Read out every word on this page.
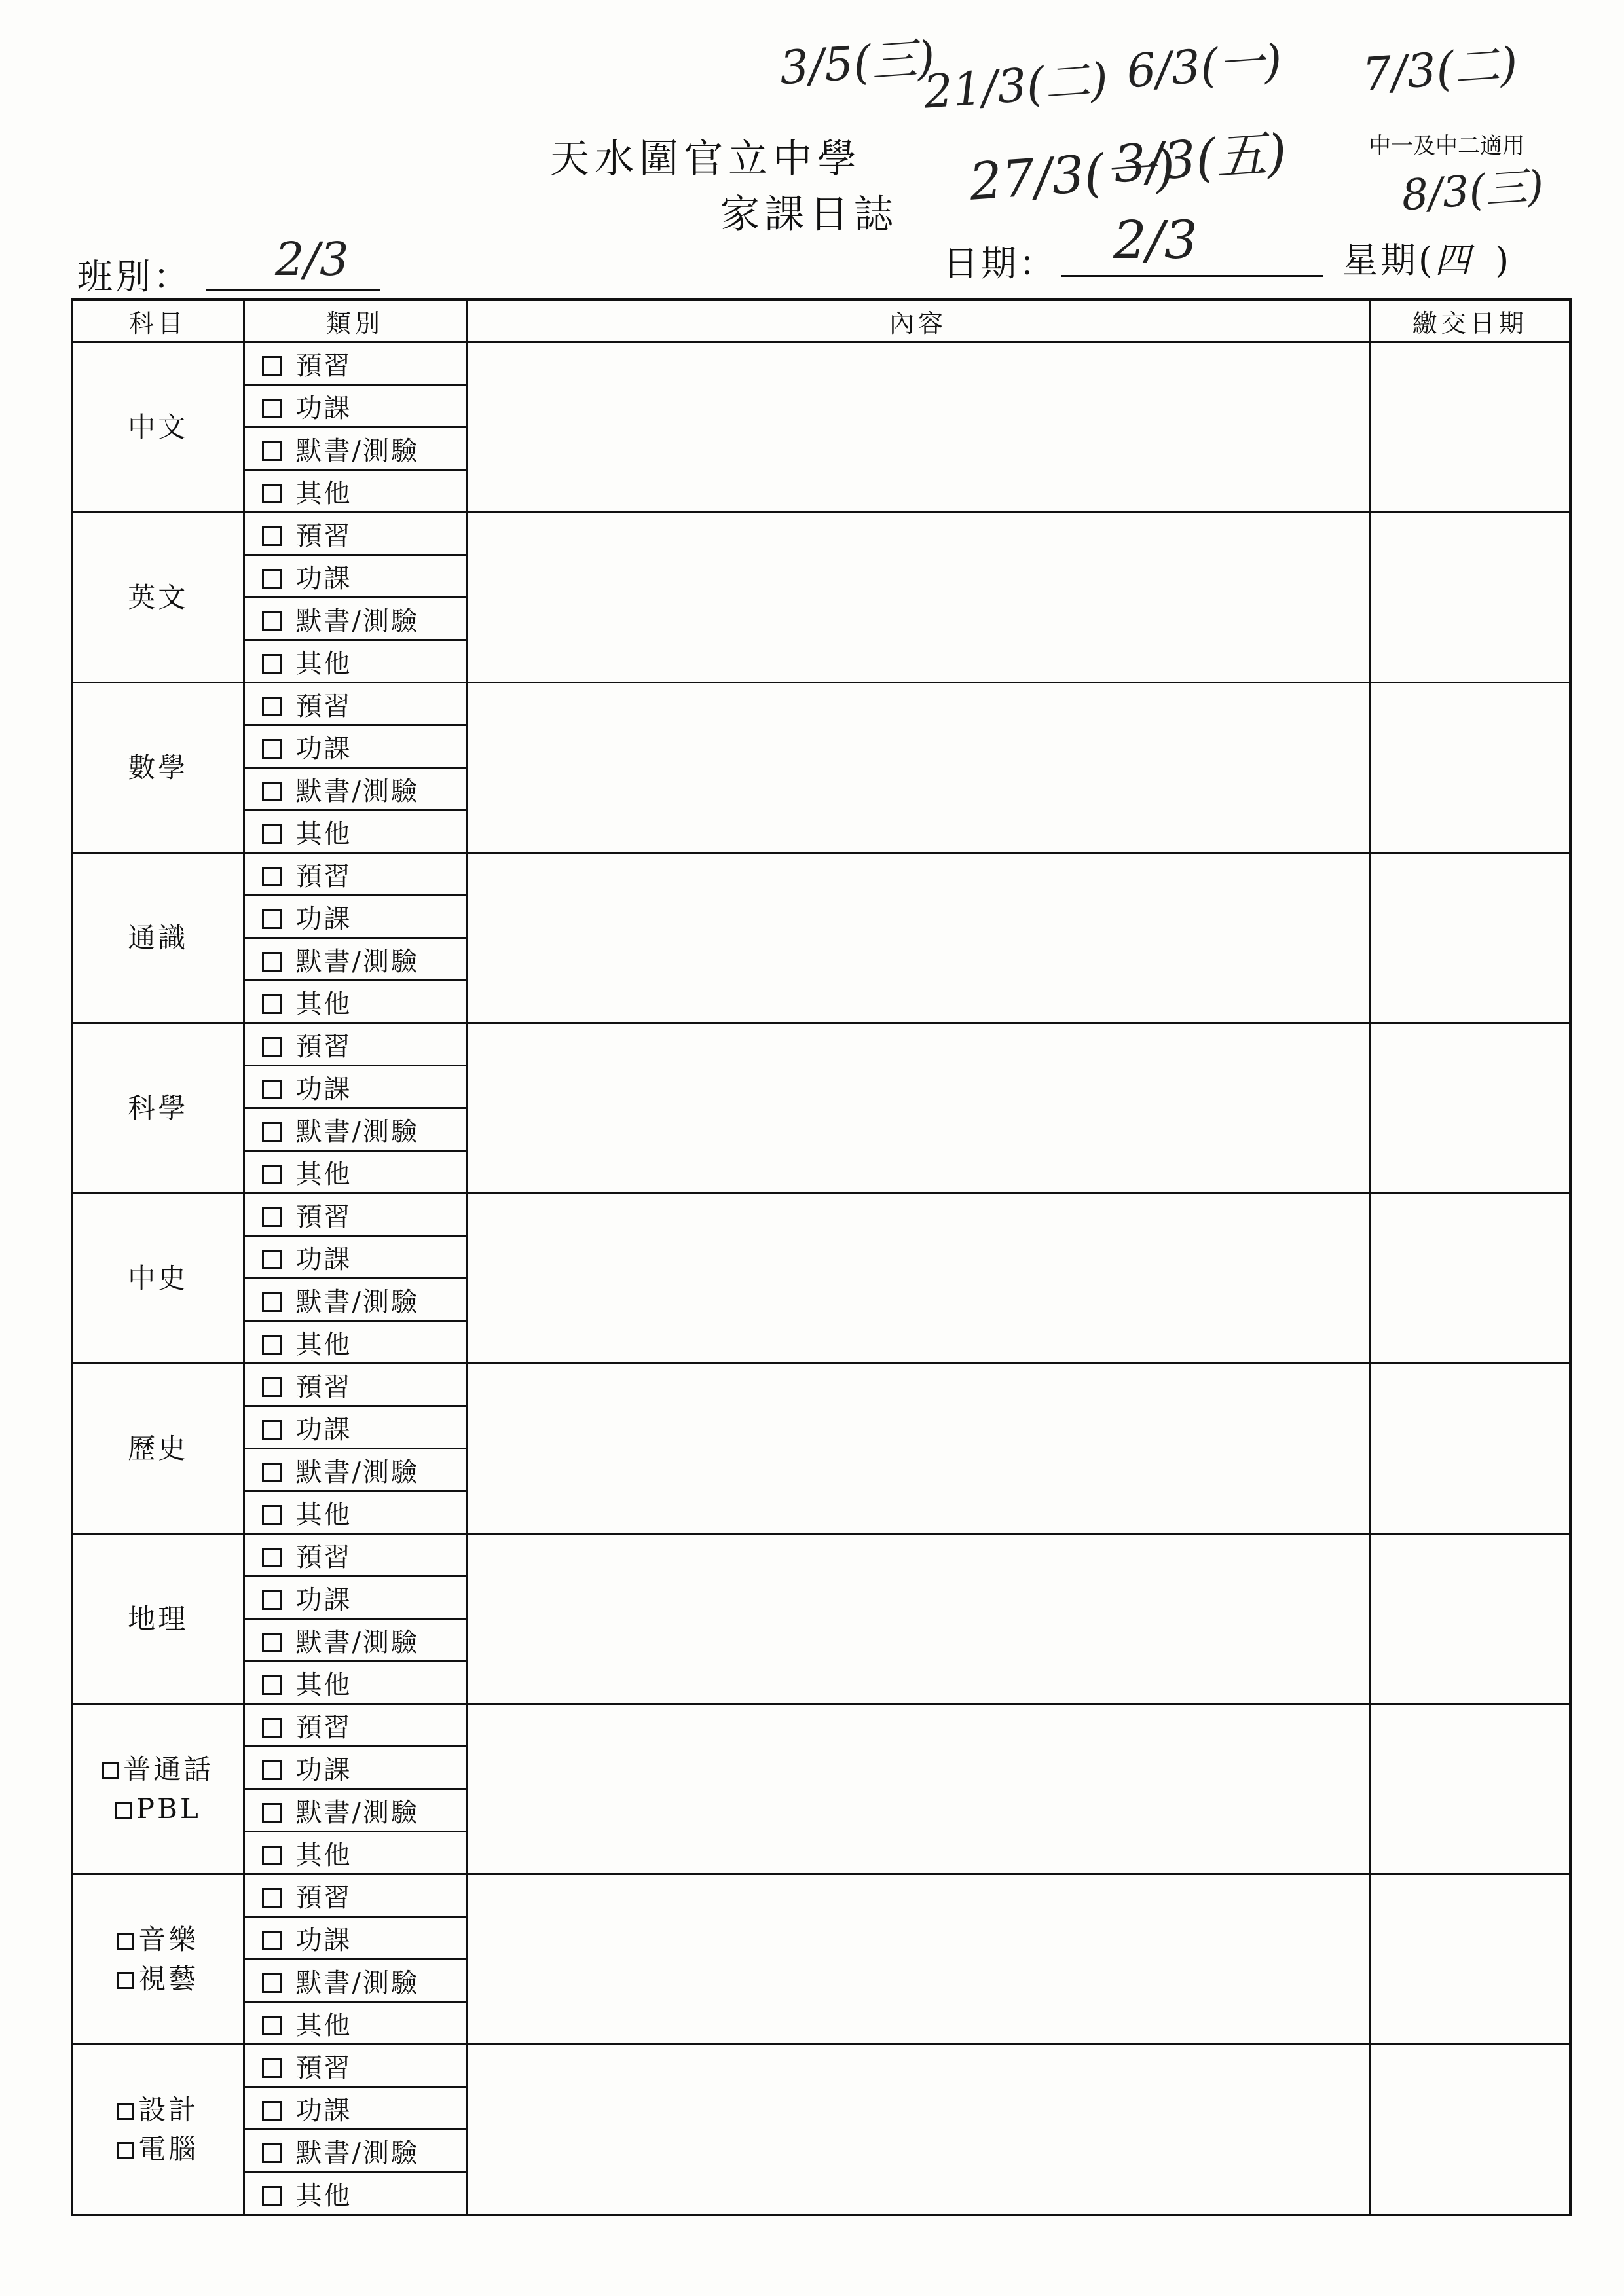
3/5(三)
21/3(二) 6/3(一) 7/3(二)
27/3(一)
3/3(五)	8/3(三)
天水圍官立中學
家課日誌
中一及中二適用
班別： 2/3	日期： 2/3	星期(四 )
科目	類別	內容	繳交日期

中文	預習		
	功課		
	默書/測驗		
	其他		

英文	預習		
	功課		
	默書/測驗		
	其他		

數學	預習		
	功課		
	默書/測驗		
	其他		

通識	預習		
	功課		
	默書/測驗		
	其他		

科學	預習		
	功課		
	默書/測驗		
	其他		

中史	預習		
	功課		
	默書/測驗		
	其他		

歷史	預習		
	功課		
	默書/測驗		
	其他		

地理	預習		
	功課		
	默書/測驗		
	其他		

普通話
PBL	預習		
	功課		
	默書/測驗		
	其他		

音樂
視藝	預習		
	功課		
	默書/測驗		
	其他		

設計
電腦	預習		
	功課		
	默書/測驗		
	其他		
